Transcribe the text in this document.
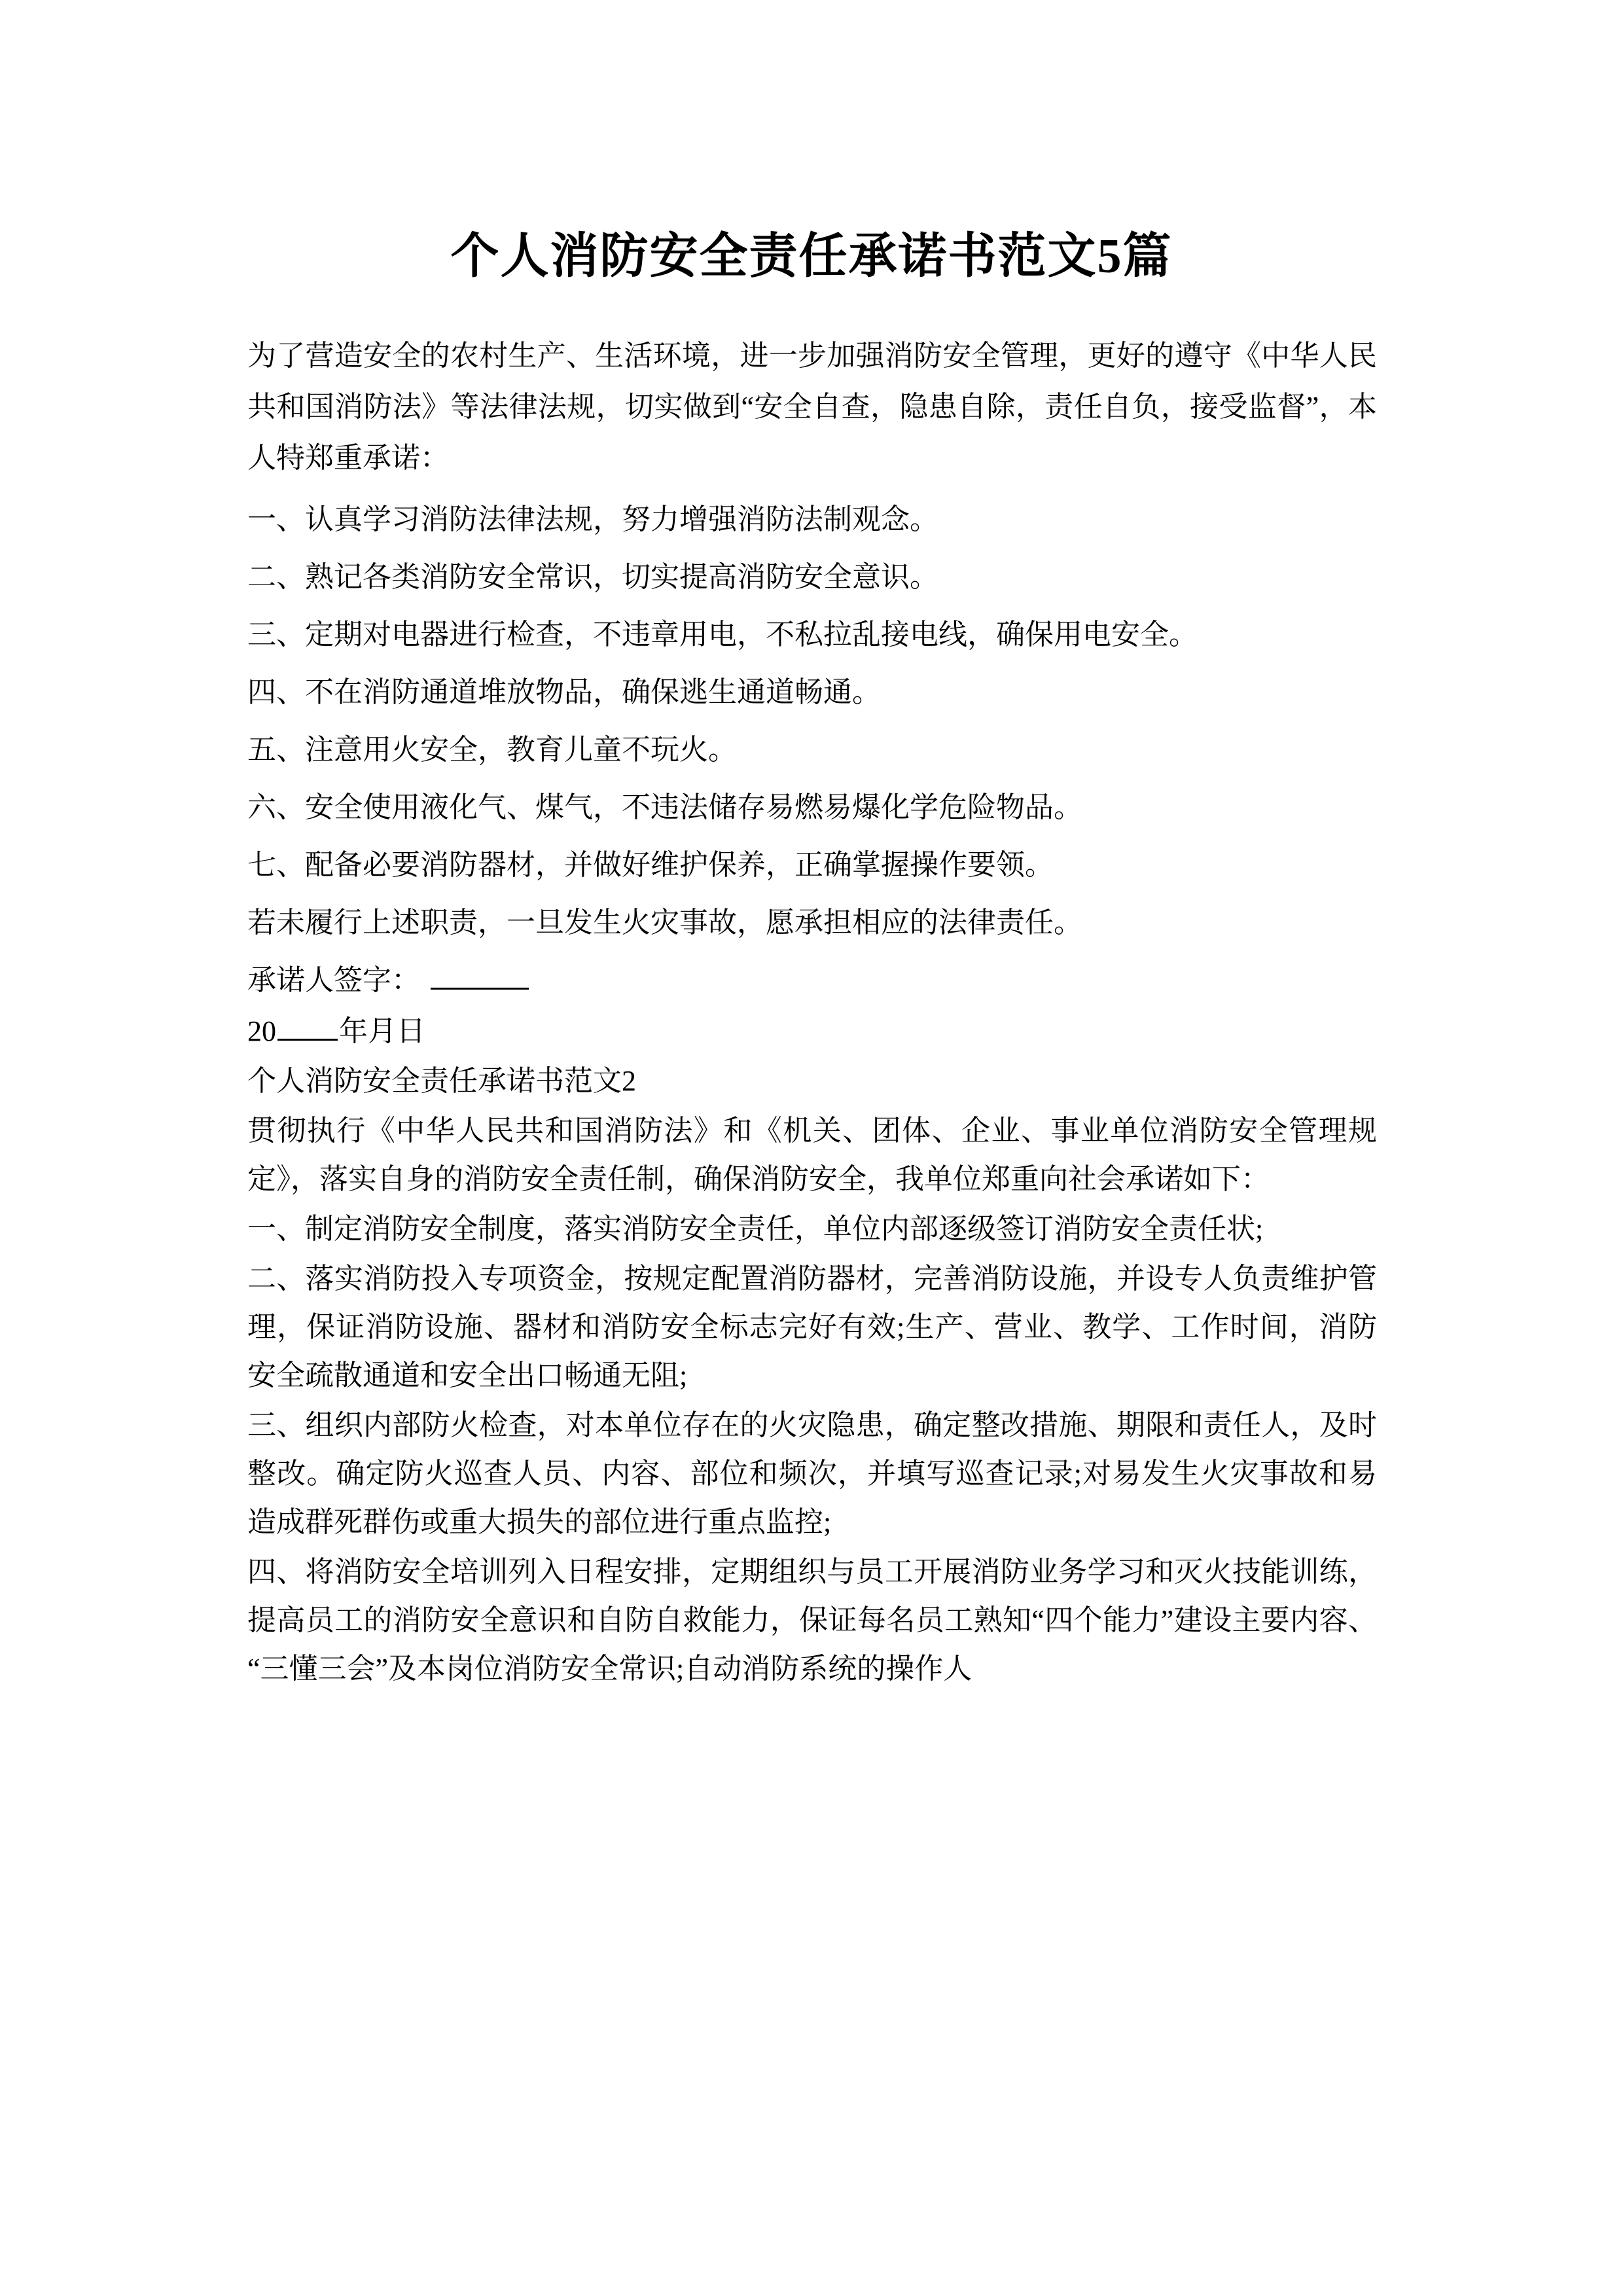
个人消防安全责任承诺书范文5篇

为了营造安全的农村生产、生活环境，进一步加强消防安全管理，更好的遵守《中华人民共和国消防法》等法律法规，切实做到“安全自查，隐患自除，责任自负，接受监督”，本人特郑重承诺：

一、认真学习消防法律法规，努力增强消防法制观念。

二、熟记各类消防安全常识，切实提高消防安全意识。

三、定期对电器进行检查，不违章用电，不私拉乱接电线，确保用电安全。

四、不在消防通道堆放物品，确保逃生通道畅通。

五、注意用火安全，教育儿童不玩火。

六、安全使用液化气、煤气，不违法储存易燃易爆化学危险物品。

七、配备必要消防器材，并做好维护保养，正确掌握操作要领。

若未履行上述职责，一旦发生火灾事故，愿承担相应的法律责任。

承诺人签字：

20 年月日

个人消防安全责任承诺书范文2

贯彻执行《中华人民共和国消防法》和《机关、团体、企业、事业单位消防安全管理规定》，落实自身的消防安全责任制，确保消防安全，我单位郑重向社会承诺如下：

一、制定消防安全制度，落实消防安全责任，单位内部逐级签订消防安全责任状;

二、落实消防投入专项资金，按规定配置消防器材，完善消防设施，并设专人负责维护管理，保证消防设施、器材和消防安全标志完好有效;生产、营业、教学、工作时间，消防安全疏散通道和安全出口畅通无阻;

三、组织内部防火检查，对本单位存在的火灾隐患，确定整改措施、期限和责任人，及时整改。确定防火巡查人员、内容、部位和频次，并填写巡查记录;对易发生火灾事故和易造成群死群伤或重大损失的部位进行重点监控;

四、将消防安全培训列入日程安排，定期组织与员工开展消防业务学习和灭火技能训练，提高员工的消防安全意识和自防自救能力，保证每名员工熟知“四个能力”建设主要内容、“三懂三会”及本岗位消防安全常识;自动消防系统的操作人
